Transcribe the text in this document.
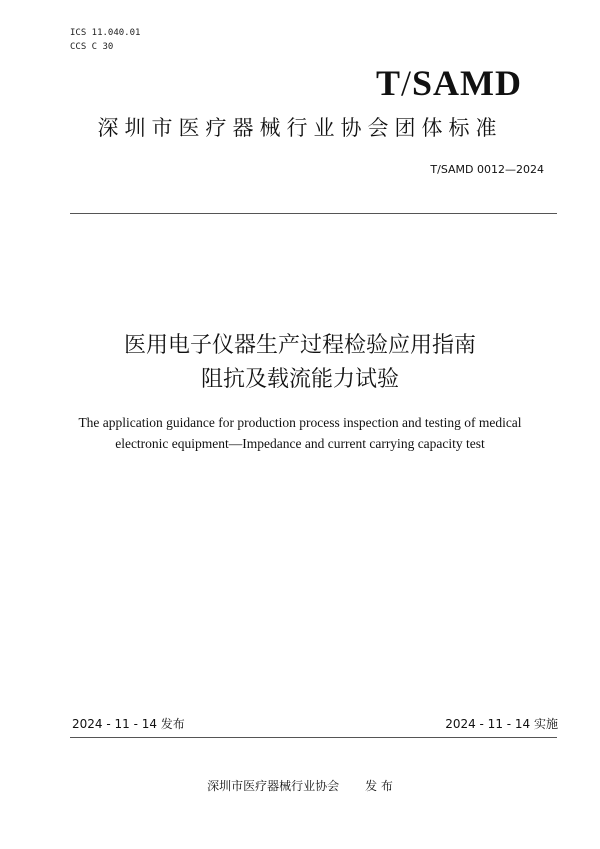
ICS 11.040.01
CCS C 30
T/SAMD
深圳市医疗器械行业协会团体标准
T/SAMD 0012—2024
医用电子仪器生产过程检验应用指南
阻抗及载流能力试验
The application guidance for production process inspection and testing of medical
electronic equipment—Impedance and current carrying capacity test
2024 - 11 - 14 发布	2024 - 11 - 14 实施
深圳市医疗器械行业协会 发 布
